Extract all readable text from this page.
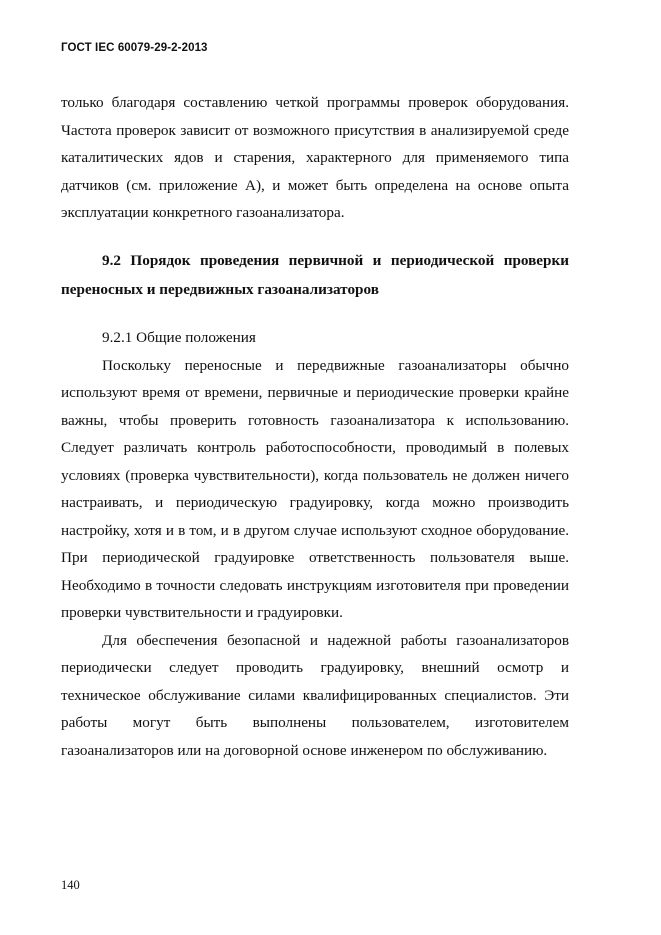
ГОСТ IEC 60079-29-2-2013

только благодаря составлению четкой программы проверок оборудования. Частота проверок зависит от возможного присутствия в анализируемой среде каталитических ядов и старения, характерного для применяемого типа датчиков (см. приложение А), и может быть определена на основе опыта эксплуатации конкретного газоанализатора.

9.2 Порядок проведения первичной и периодической проверки переносных и передвижных газоанализаторов

9.2.1 Общие положения

Поскольку переносные и передвижные газоанализаторы обычно используют время от времени, первичные и периодические проверки крайне важны, чтобы проверить готовность газоанализатора к использованию. Следует различать контроль работоспособности, проводимый в полевых условиях (проверка чувствительности), когда пользователь не должен ничего настраивать, и периодическую градуировку, когда можно производить настройку, хотя и в том, и в другом случае используют сходное оборудование. При периодической градуировке ответственность пользователя выше. Необходимо в точности следовать инструкциям изготовителя при проведении проверки чувствительности и градуировки.

Для обеспечения безопасной и надежной работы газоанализаторов периодически следует проводить градуировку, внешний осмотр и техническое обслуживание силами квалифицированных специалистов. Эти работы могут быть выполнены пользователем, изготовителем газоанализаторов или на договорной основе инженером по обслуживанию.

140
